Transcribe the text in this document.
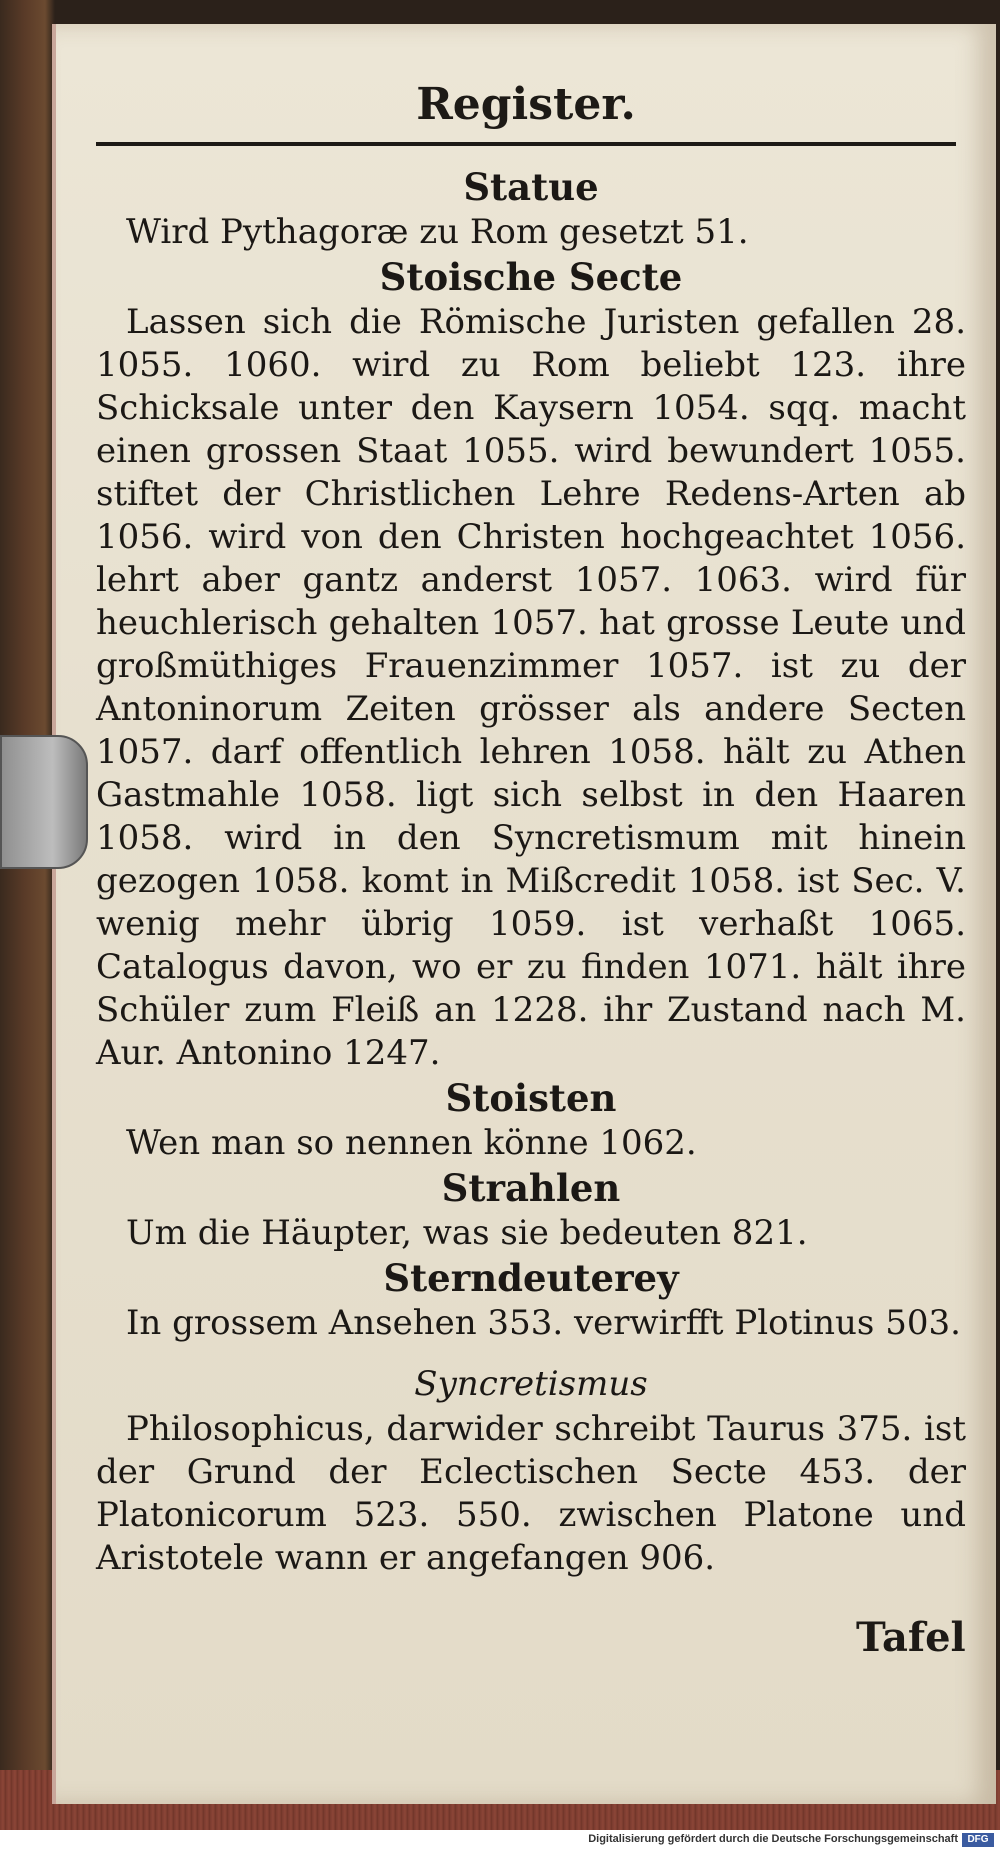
Register.
Statue
Wird Pythagoræ zu Rom gesetzt 51.
Stoische Secte
Lassen sich die Römische Juristen gefallen 28. 1055. 1060. wird zu Rom beliebt 123. ihre Schicksale unter den Kaysern 1054. sqq. macht einen grossen Staat 1055. wird bewundert 1055. stiftet der Christlichen Lehre Redens-Arten ab 1056. wird von den Christen hochgeachtet 1056. lehrt aber gantz anderst 1057. 1063. wird für heuchlerisch gehalten 1057. hat grosse Leute und großmüthiges Frauenzimmer 1057. ist zu der Antoninorum Zeiten grösser als andere Secten 1057. darf offentlich lehren 1058. hält zu Athen Gastmahle 1058. ligt sich selbst in den Haaren 1058. wird in den Syncretismum mit hinein gezogen 1058. komt in Mißcredit 1058. ist Sec. V. wenig mehr übrig 1059. ist verhaßt 1065. Catalogus davon, wo er zu finden 1071. hält ihre Schüler zum Fleiß an 1228. ihr Zustand nach M. Aur. Antonino 1247.
Stoisten
Wen man so nennen könne 1062.
Strahlen
Um die Häupter, was sie bedeuten 821.
Sterndeuterey
In grossem Ansehen 353. verwirfft Plotinus 503.
Syncretismus
Philosophicus, darwider schreibt Taurus 375. ist der Grund der Eclectischen Secte 453. der Platonicorum 523. 550. zwischen Platone und Aristotele wann er angefangen 906.
Tafel
Digitalisierung gefördert durch die Deutsche Forschungsgemeinschaft DFG
